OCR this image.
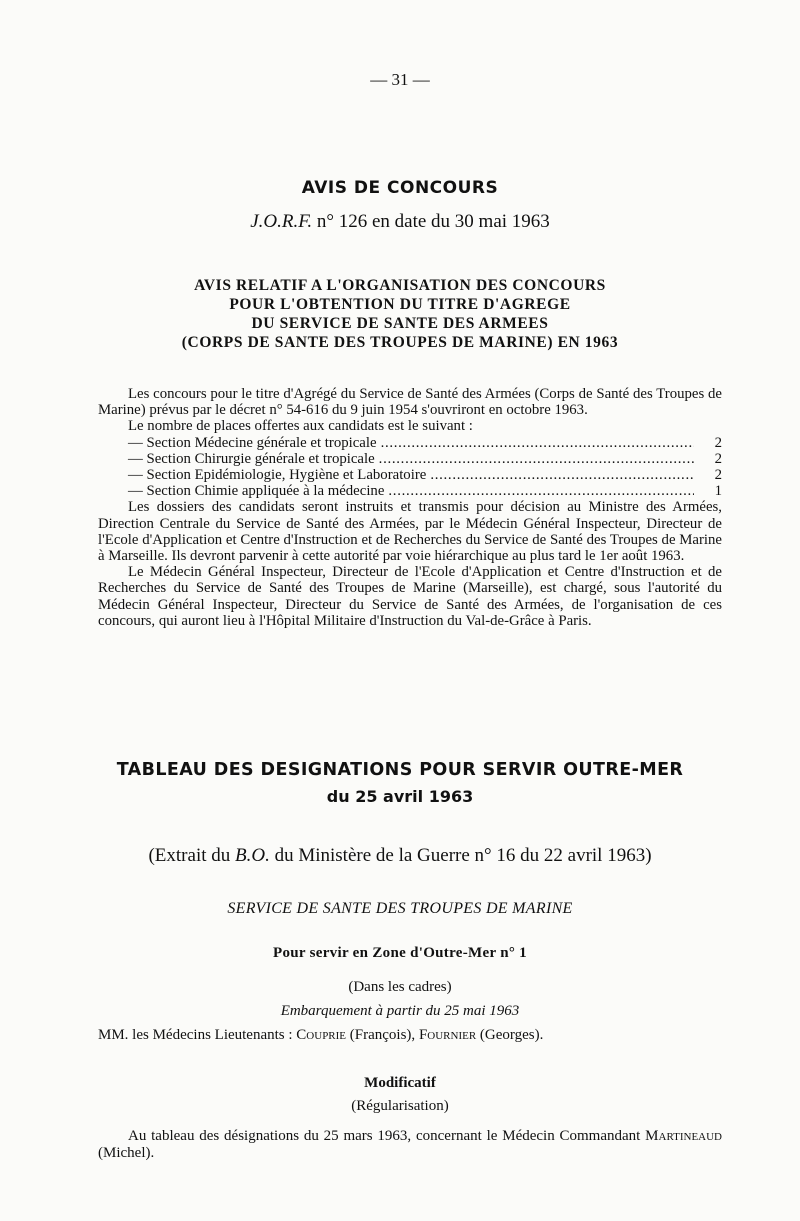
— 31 —
AVIS DE CONCOURS
J.O.R.F. n° 126 en date du 30 mai 1963
AVIS RELATIF A L'ORGANISATION DES CONCOURS
POUR L'OBTENTION DU TITRE D'AGREGE
DU SERVICE DE SANTE DES ARMEES
(CORPS DE SANTE DES TROUPES DE MARINE) EN 1963

Les concours pour le titre d'Agrégé du Service de Santé des Armées (Corps de Santé des Troupes de Marine) prévus par le décret n° 54-616 du 9 juin 1954 s'ouvriront en octobre 1963.

Le nombre de places offertes aux candidats est le suivant :

— Section Médecine générale et tropicale . . .	2
— Section Chirurgie générale et tropicale . . .	2
— Section Epidémiologie, Hygiène et Laboratoire . . .	2
— Section Chimie appliquée à la médecine . . .	1

Les dossiers des candidats seront instruits et transmis pour décision au Ministre des Armées, Direction Centrale du Service de Santé des Armées, par le Médecin Général Inspecteur, Directeur de l'Ecole d'Application et Centre d'Instruction et de Recherches du Service de Santé des Troupes de Marine à Marseille. Ils devront parvenir à cette autorité par voie hiérarchique au plus tard le 1er août 1963.

Le Médecin Général Inspecteur, Directeur de l'Ecole d'Application et Centre d'Instruction et de Recherches du Service de Santé des Troupes de Marine (Marseille), est chargé, sous l'autorité du Médecin Général Inspecteur, Directeur du Service de Santé des Armées, de l'organisation de ces concours, qui auront lieu à l'Hôpital Militaire d'Instruction du Val-de-Grâce à Paris.

TABLEAU DES DESIGNATIONS POUR SERVIR OUTRE-MER
du 25 avril 1963
(Extrait du B.O. du Ministère de la Guerre n° 16 du 22 avril 1963)
SERVICE DE SANTE DES TROUPES DE MARINE
Pour servir en Zone d'Outre-Mer n° 1
(Dans les cadres)
Embarquement à partir du 25 mai 1963
MM. les Médecins Lieutenants : Couprie (François), Fournier (Georges).
Modificatif
(Régularisation)

Au tableau des désignations du 25 mars 1963, concernant le Médecin Commandant Martineaud (Michel).
